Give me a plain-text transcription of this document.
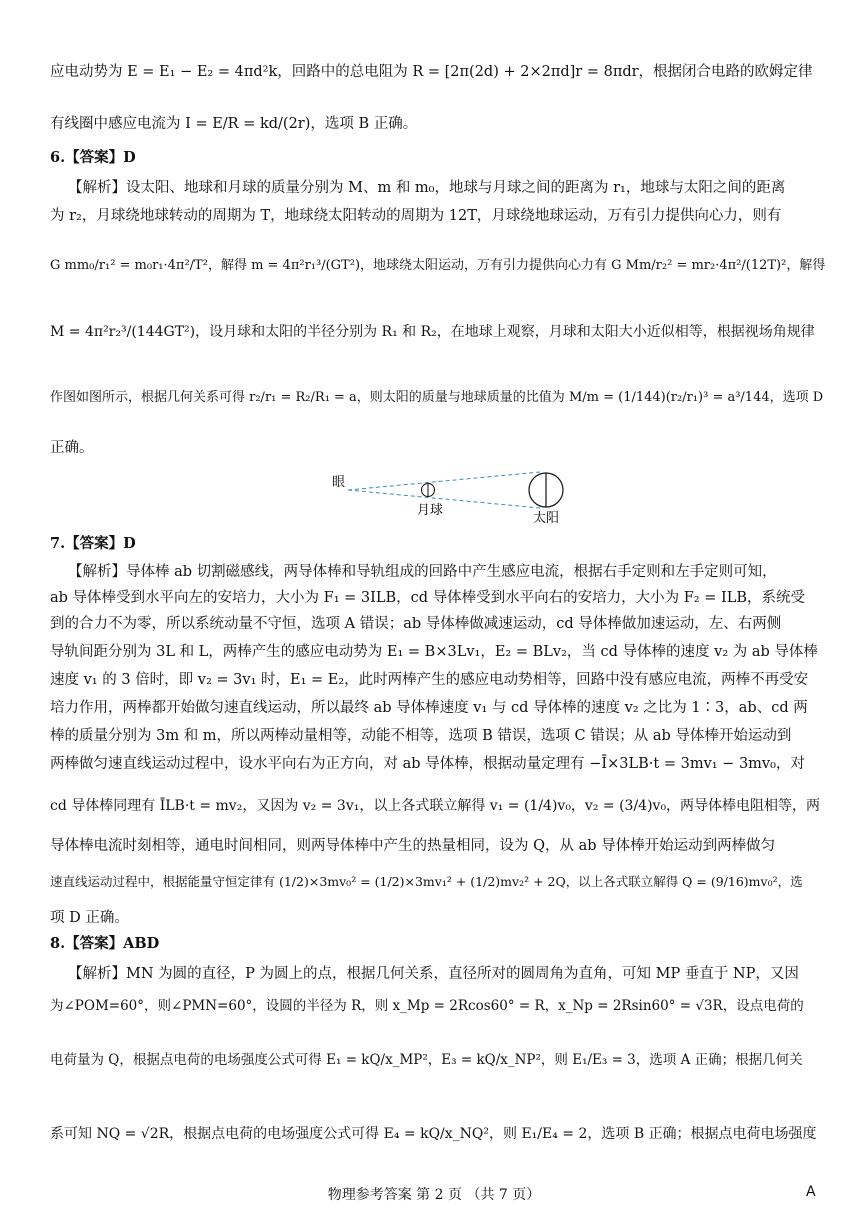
应电动势为 E = E₁ − E₂ = 4πd²k，回路中的总电阻为 R = [2π(2d) + 2×2πd]r = 8πdr，根据闭合电路的欧姆定律
有线圈中感应电流为 I = E/R = kd/(2r)，选项 B 正确。
6.【答案】D
【解析】设太阳、地球和月球的质量分别为 M、m 和 m₀，地球与月球之间的距离为 r₁，地球与太阳之间的距离
为 r₂，月球绕地球转动的周期为 T，地球绕太阳转动的周期为 12T，月球绕地球运动，万有引力提供向心力，则有
G mm₀/r₁² = m₀r₁·4π²/T²，解得 m = 4π²r₁³/(GT²)，地球绕太阳运动，万有引力提供向心力有 G Mm/r₂² = mr₂·4π²/(12T)²，解得
M = 4π²r₂³/(144GT²)，设月球和太阳的半径分别为 R₁ 和 R₂，在地球上观察，月球和太阳大小近似相等，根据视场角规律
作图如图所示，根据几何关系可得 r₂/r₁ = R₂/R₁ = a，则太阳的质量与地球质量的比值为 M/m = (1/144)(r₂/r₁)³ = a³/144，选项 D
正确。
眼
月球
太阳
7.【答案】D
【解析】导体棒 ab 切割磁感线，两导体棒和导轨组成的回路中产生感应电流，根据右手定则和左手定则可知，
ab 导体棒受到水平向左的安培力，大小为 F₁ = 3ILB，cd 导体棒受到水平向右的安培力，大小为 F₂ = ILB，系统受
到的合力不为零，所以系统动量不守恒，选项 A 错误；ab 导体棒做减速运动，cd 导体棒做加速运动，左、右两侧
导轨间距分别为 3L 和 L，两棒产生的感应电动势为 E₁ = B×3Lv₁，E₂ = BLv₂，当 cd 导体棒的速度 v₂ 为 ab 导体棒
速度 v₁ 的 3 倍时，即 v₂ = 3v₁ 时，E₁ = E₂，此时两棒产生的感应电动势相等，回路中没有感应电流，两棒不再受安
培力作用，两棒都开始做匀速直线运动，所以最终 ab 导体棒速度 v₁ 与 cd 导体棒的速度 v₂ 之比为 1∶3，ab、cd 两
棒的质量分别为 3m 和 m，所以两棒动量相等，动能不相等，选项 B 错误，选项 C 错误；从 ab 导体棒开始运动到
两棒做匀速直线运动过程中，设水平向右为正方向，对 ab 导体棒，根据动量定理有 −Ī×3LB·t = 3mv₁ − 3mv₀，对
cd 导体棒同理有 ĪLB·t = mv₂，又因为 v₂ = 3v₁，以上各式联立解得 v₁ = (1/4)v₀，v₂ = (3/4)v₀，两导体棒电阻相等，两
导体棒电流时刻相等，通电时间相同，则两导体棒中产生的热量相同，设为 Q，从 ab 导体棒开始运动到两棒做匀
速直线运动过程中，根据能量守恒定律有 (1/2)×3mv₀² = (1/2)×3mv₁² + (1/2)mv₂² + 2Q，以上各式联立解得 Q = (9/16)mv₀²，选
项 D 正确。
8.【答案】ABD
【解析】MN 为圆的直径，P 为圆上的点，根据几何关系，直径所对的圆周角为直角，可知 MP 垂直于 NP，又因
为∠POM=60°，则∠PMN=60°，设圆的半径为 R，则 x_Mp = 2Rcos60° = R，x_Np = 2Rsin60° = √3R，设点电荷的
电荷量为 Q，根据点电荷的电场强度公式可得 E₁ = kQ/x_MP²，E₃ = kQ/x_NP²，则 E₁/E₃ = 3，选项 A 正确；根据几何关
系可知 NQ = √2R，根据点电荷的电场强度公式可得 E₄ = kQ/x_NQ²，则 E₁/E₄ = 2，选项 B 正确；根据点电荷电场强度
物理参考答案 第 2 页 （共 7 页）	A
